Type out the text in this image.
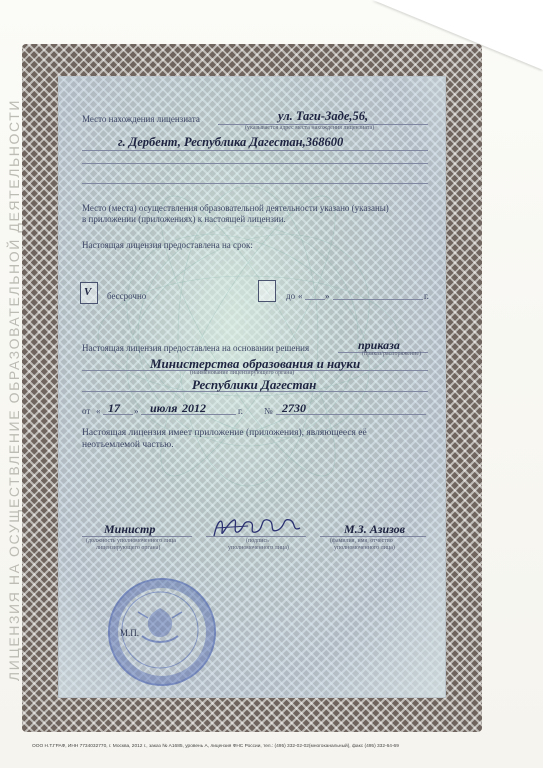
ЛИЦЕНЗИЯ НА ОСУЩЕСТВЛЕНИЕ ОБРАЗОВАТЕЛЬНОЙ ДЕЯТЕЛЬНОСТИ	Место нахождения лицензиата	ул. Таги-Заде,56,
(указывается адрес места нахождения лицензиата)
г. Дербент, Республика Дагестан,368600
Место (места) осуществления образовательной деятельности указано (указаны)
в приложении (приложениях) к настоящей лицензии.
Настоящая лицензия предоставлена на срок:
V бессрочно	до «	»	г.
Настоящая лицензия предоставлена на основании решения	приказа
(приказ/распоряжение)
Министерства образования и науки
(наименование лицензирующего органа)
Республики Дагестан
от « 17 » июля 2012	г. № 2730
Настоящая лицензия имеет приложение (приложения), являющееся её
неотъемлемой частью.
Министр
(должность уполномоченного лица
лицензирующего органа)
(подпись
уполномоченного лица)
М.З. Азизов
(фамилия, имя, отчество
уполномоченного лица)
М.П.
ООО Н.Т.ГРАФ, ИНН 7734032770, г. Москва, 2012 г., заказ № А1685, уровень А, лицензия ФНС России, тел.: (495) 332-02-02(многоканальный), факс (495) 332-64-69
